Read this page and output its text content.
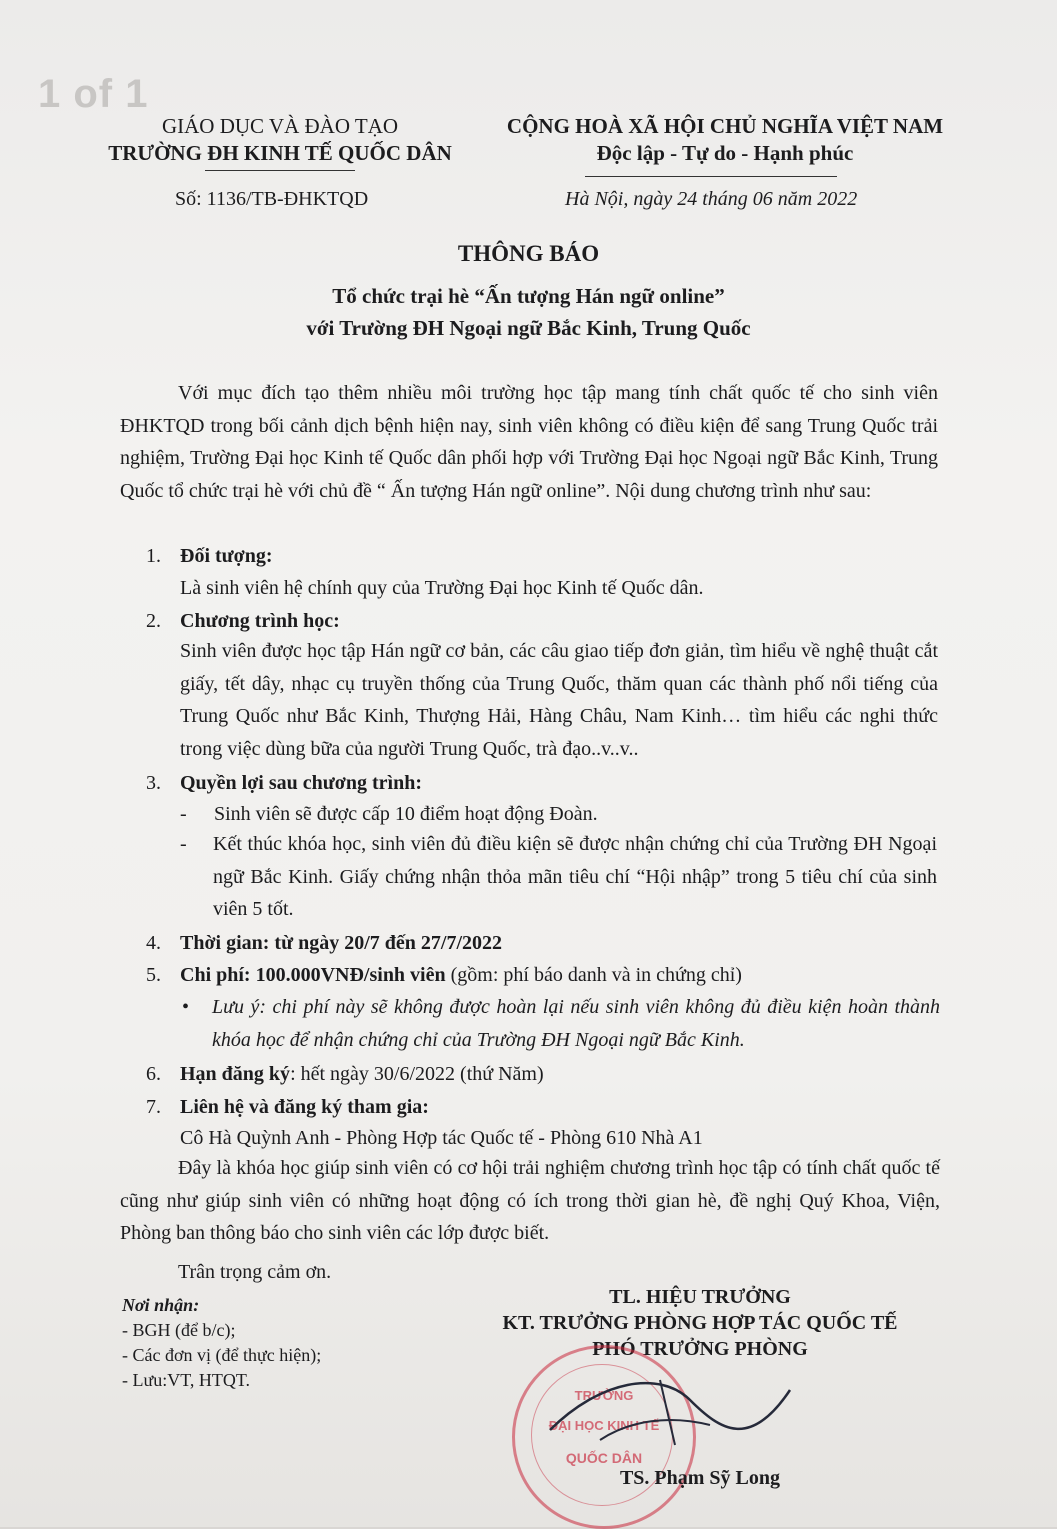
1 of 1
GIÁO DỤC VÀ ĐÀO TẠO
TRƯỜNG ĐH KINH TẾ QUỐC DÂN
CỘNG HOÀ XÃ HỘI CHỦ NGHĨA VIỆT NAM
Độc lập - Tự do - Hạnh phúc
Số: 1136/TB-ĐHKTQD	Hà Nội, ngày 24 tháng 06 năm 2022
THÔNG BÁO
Tổ chức trại hè “Ấn tượng Hán ngữ online”
với Trường ĐH Ngoại ngữ Bắc Kinh, Trung Quốc
Với mục đích tạo thêm nhiều môi trường học tập mang tính chất quốc tế cho sinh viên ĐHKTQD trong bối cảnh dịch bệnh hiện nay, sinh viên không có điều kiện để sang Trung Quốc trải nghiệm, Trường Đại học Kinh tế Quốc dân phối hợp với Trường Đại học Ngoại ngữ Bắc Kinh, Trung Quốc tổ chức trại hè với chủ đề “ Ấn tượng Hán ngữ online”. Nội dung chương trình như sau:
1. Đối tượng:
Là sinh viên hệ chính quy của Trường Đại học Kinh tế Quốc dân.
2. Chương trình học:
Sinh viên được học tập Hán ngữ cơ bản, các câu giao tiếp đơn giản, tìm hiểu về nghệ thuật cắt giấy, tết dây, nhạc cụ truyền thống của Trung Quốc, thăm quan các thành phố nổi tiếng của Trung Quốc như Bắc Kinh, Thượng Hải, Hàng Châu, Nam Kinh… tìm hiểu các nghi thức trong việc dùng bữa của người Trung Quốc, trà đạo..v..v..
3. Quyền lợi sau chương trình:
- Sinh viên sẽ được cấp 10 điểm hoạt động Đoàn.
- Kết thúc khóa học, sinh viên đủ điều kiện sẽ được nhận chứng chỉ của Trường ĐH Ngoại ngữ Bắc Kinh. Giấy chứng nhận thỏa mãn tiêu chí “Hội nhập” trong 5 tiêu chí của sinh viên 5 tốt.
4. Thời gian: từ ngày 20/7 đến 27/7/2022
5. Chi phí: 100.000VNĐ/sinh viên (gồm: phí báo danh và in chứng chỉ)
• Lưu ý: chi phí này sẽ không được hoàn lại nếu sinh viên không đủ điều kiện hoàn thành khóa học để nhận chứng chỉ của Trường ĐH Ngoại ngữ Bắc Kinh.
6. Hạn đăng ký: hết ngày 30/6/2022 (thứ Năm)
7. Liên hệ và đăng ký tham gia:
Cô Hà Quỳnh Anh - Phòng Hợp tác Quốc tế - Phòng 610 Nhà A1
Đây là khóa học giúp sinh viên có cơ hội trải nghiệm chương trình học tập có tính chất quốc tế cũng như giúp sinh viên có những hoạt động có ích trong thời gian hè, đề nghị Quý Khoa, Viện, Phòng ban thông báo cho sinh viên các lớp được biết.
Trân trọng cảm ơn.
Nơi nhận:
- BGH (để b/c);
- Các đơn vị (để thực hiện);
- Lưu:VT, HTQT.
TL. HIỆU TRƯỞNG
KT. TRƯỞNG PHÒNG HỢP TÁC QUỐC TẾ
PHÓ TRƯỞNG PHÒNG
TRƯỜNG
ĐẠI HỌC KINH TẾ
QUỐC DÂN
TS. Phạm Sỹ Long
